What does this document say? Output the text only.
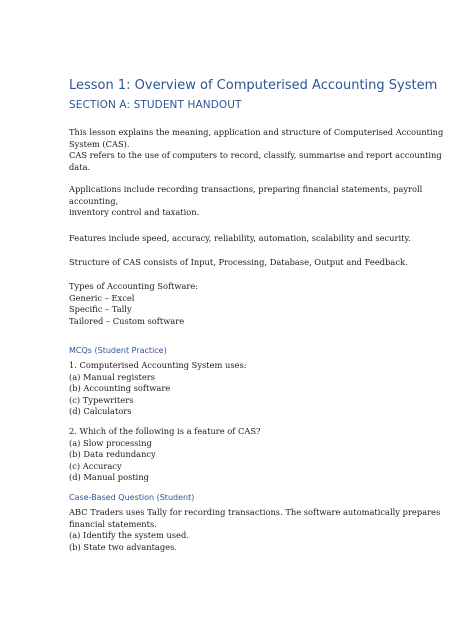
Lesson 1: Overview of Computerised Accounting System
SECTION A: STUDENT HANDOUT
This lesson explains the meaning, application and structure of Computerised Accounting
System (CAS).
CAS refers to the use of computers to record, classify, summarise and report accounting
data.
Applications include recording transactions, preparing financial statements, payroll
accounting,
inventory control and taxation.
Features include speed, accuracy, reliability, automation, scalability and security.
Structure of CAS consists of Input, Processing, Database, Output and Feedback.
Types of Accounting Software:
Generic – Excel
Specific – Tally
Tailored – Custom software
MCQs (Student Practice)
1. Computerised Accounting System uses:
(a) Manual registers
(b) Accounting software
(c) Typewriters
(d) Calculators
2. Which of the following is a feature of CAS?
(a) Slow processing
(b) Data redundancy
(c) Accuracy
(d) Manual posting
Case-Based Question (Student)
ABC Traders uses Tally for recording transactions. The software automatically prepares
financial statements.
(a) Identify the system used.
(b) State two advantages.
